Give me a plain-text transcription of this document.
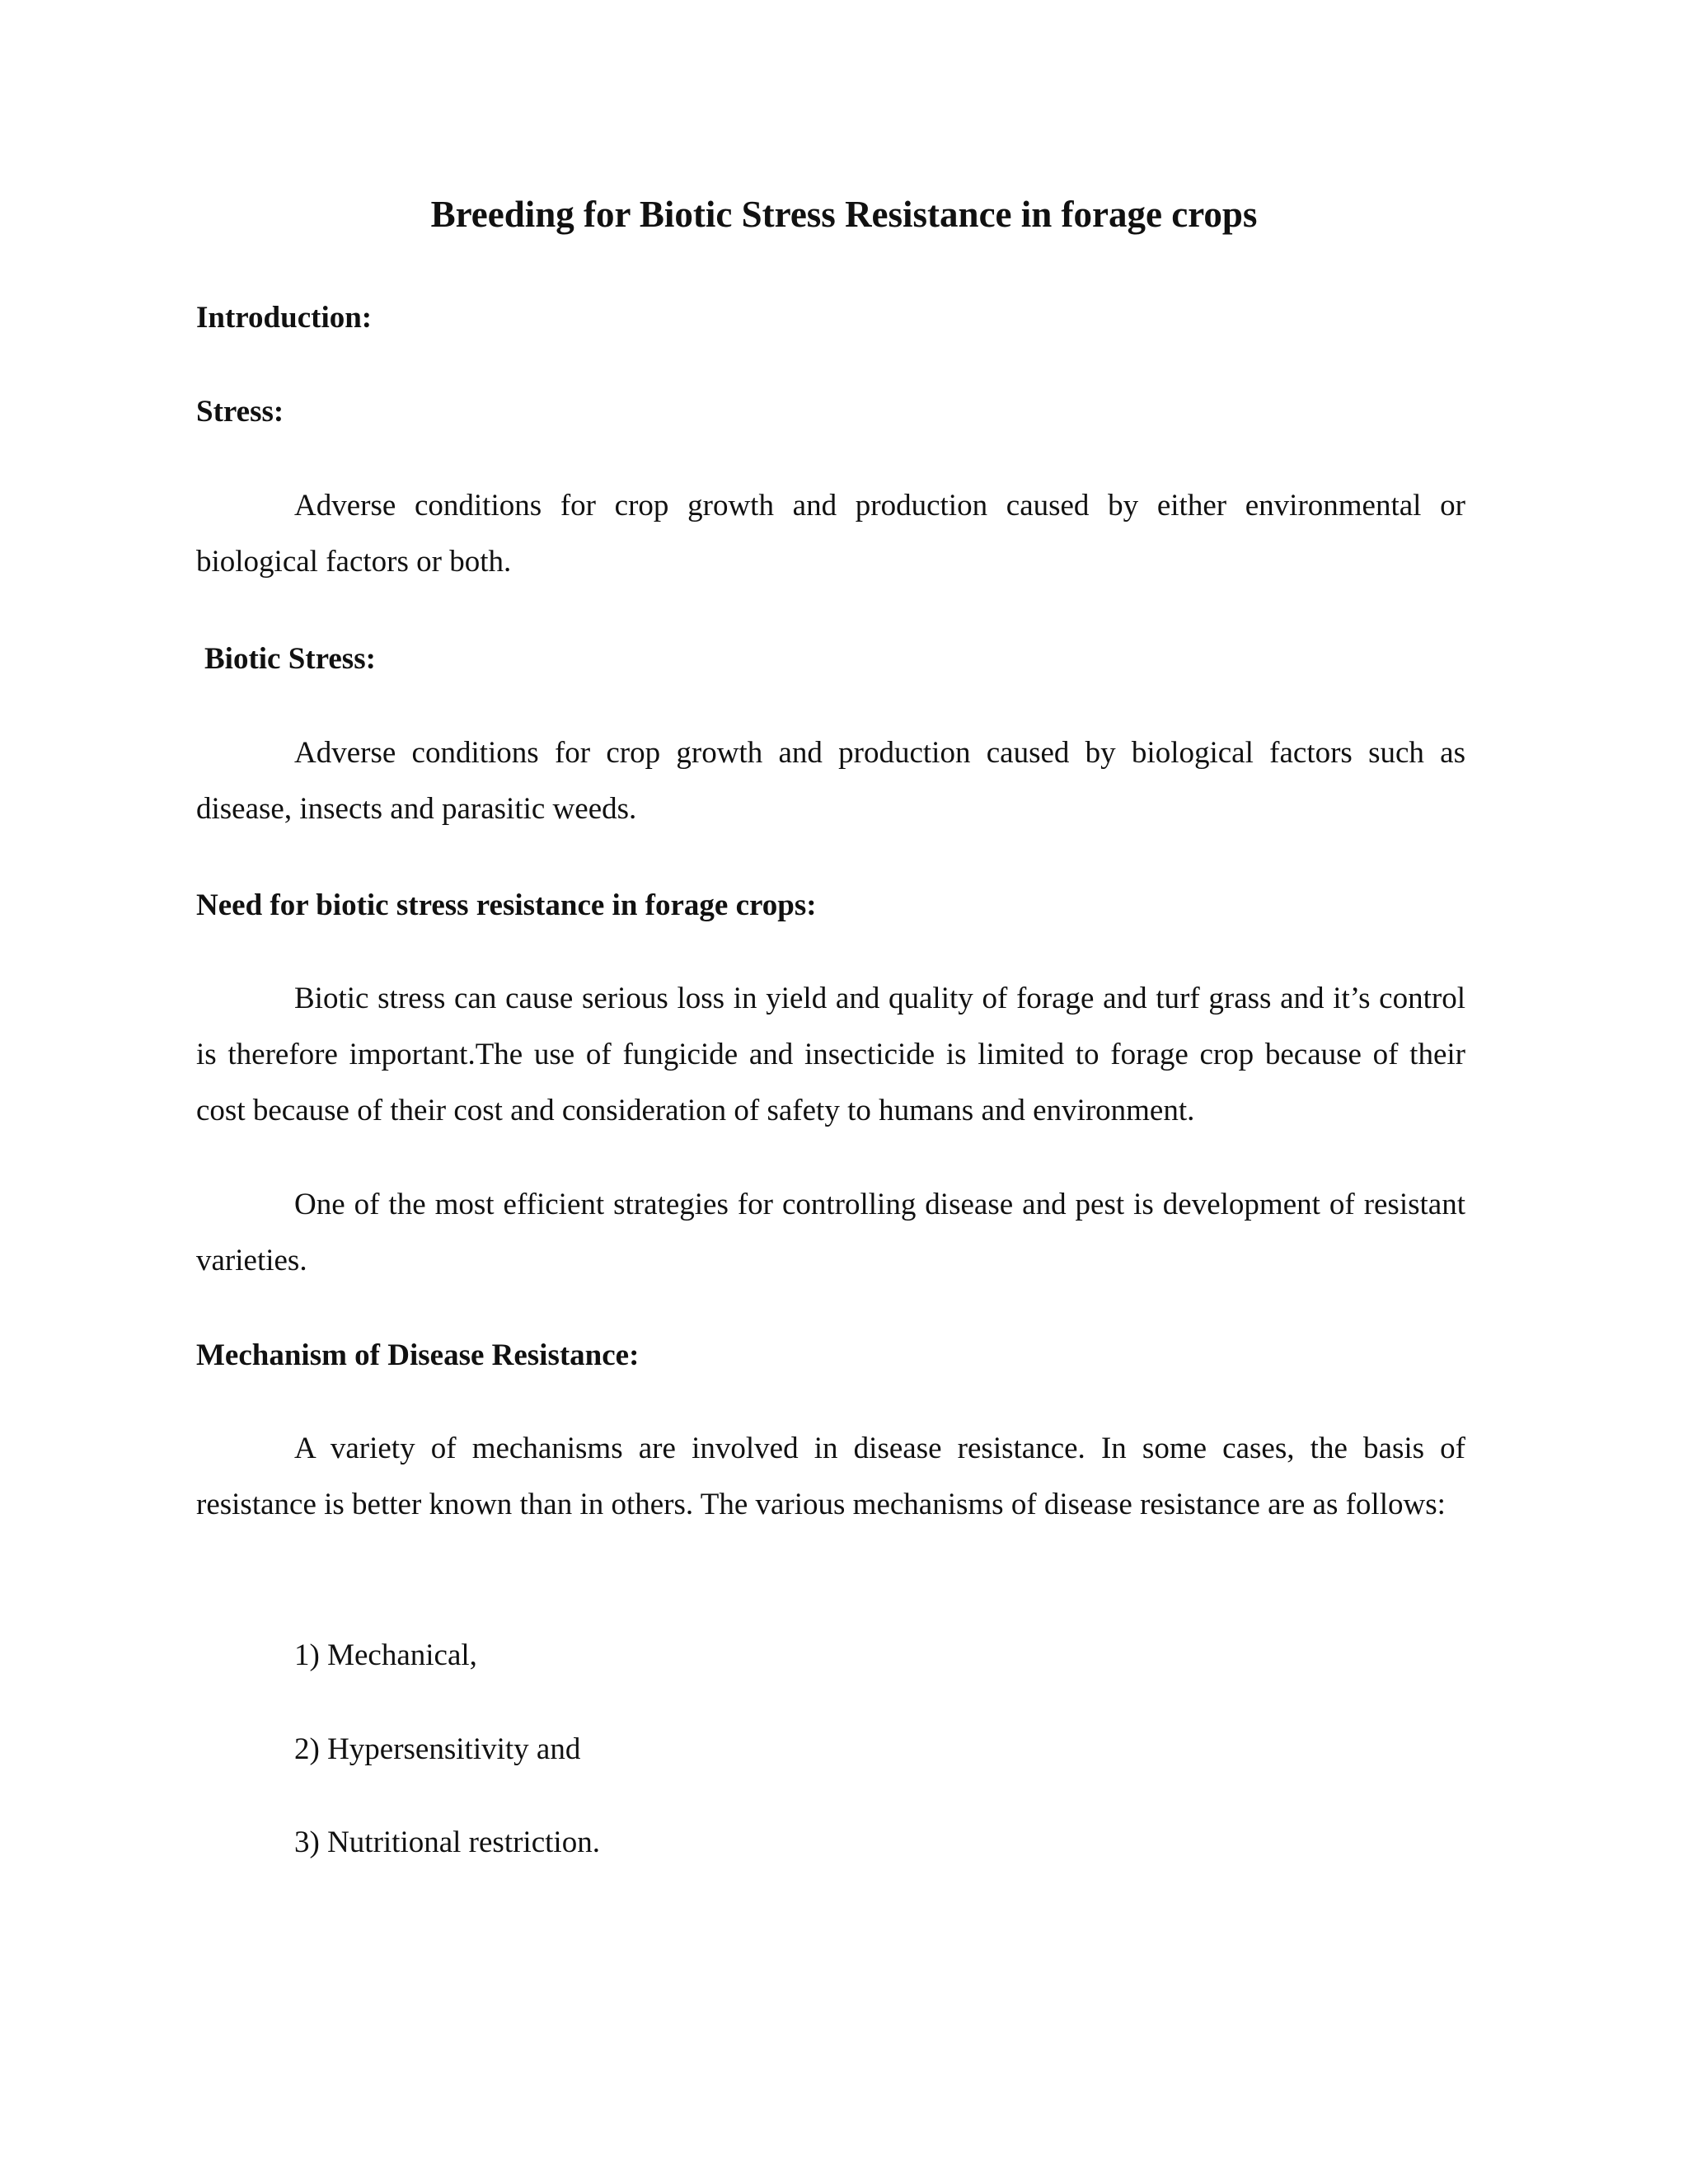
Breeding for Biotic Stress Resistance in forage crops

Introduction:

Stress:

Adverse conditions for crop growth and production caused by either environmental or biological factors or both.

Biotic Stress:

Adverse conditions for crop growth and production caused by biological factors such as disease, insects and parasitic weeds.

Need for biotic stress resistance in forage crops:

Biotic stress can cause serious loss in yield and quality of forage and turf grass and it’s control is therefore important.The use of fungicide and insecticide is limited to forage crop because of their cost because of their cost and consideration of safety to humans and environment.

One of the most efficient strategies for controlling disease and pest is development of resistant varieties.

Mechanism of Disease Resistance:

A variety of mechanisms are involved in disease resistance. In some cases, the basis of resistance is better known than in others. The various mechanisms of disease resistance are as follows:

1) Mechanical,

2) Hypersensitivity and

3) Nutritional restriction.
